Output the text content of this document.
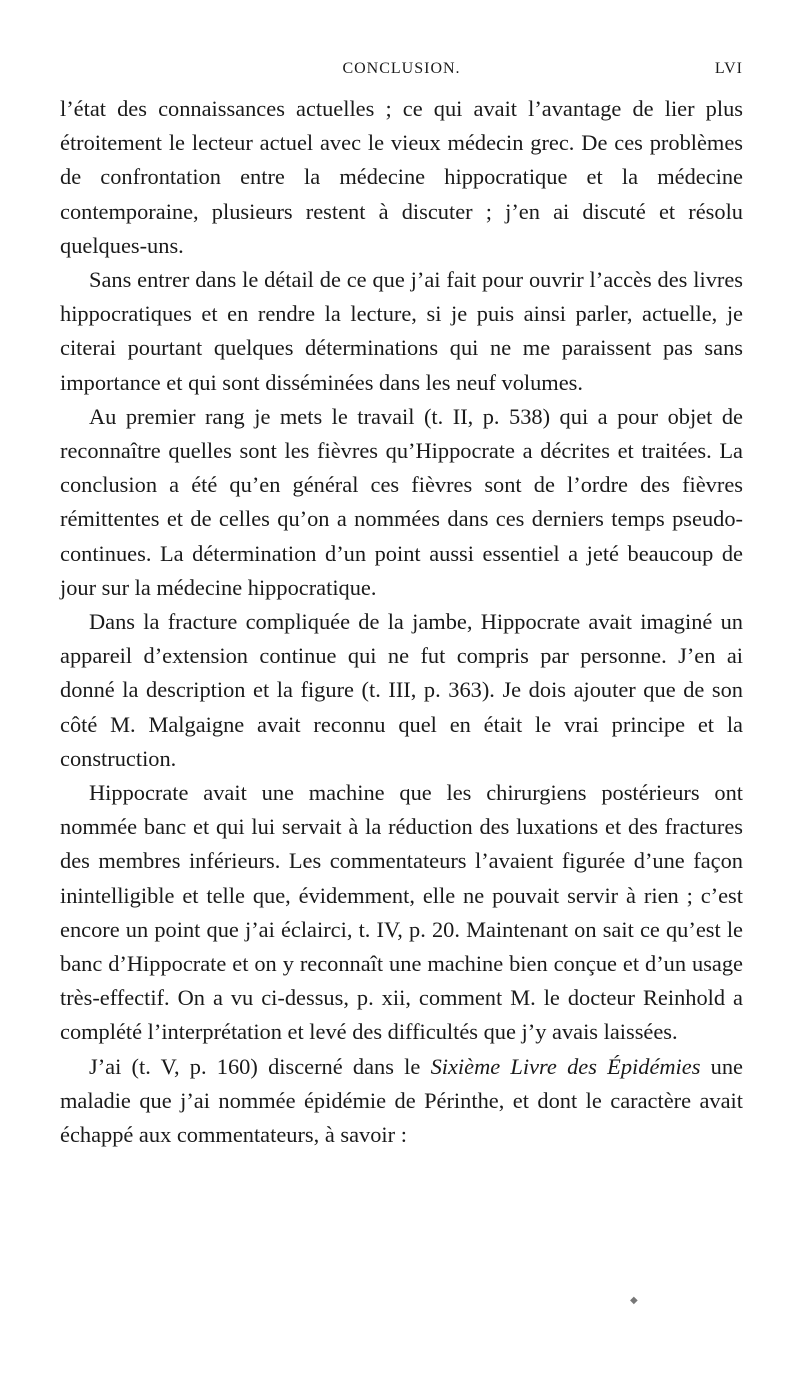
CONCLUSION.	LVI

l’état des connaissances actuelles ; ce qui avait l’avantage de lier plus étroitement le lecteur actuel avec le vieux médecin grec. De ces problèmes de confrontation entre la médecine hippocratique et la médecine contemporaine, plusieurs restent à discuter ; j’en ai discuté et résolu quelques-uns.

Sans entrer dans le détail de ce que j’ai fait pour ouvrir l’accès des livres hippocratiques et en rendre la lecture, si je puis ainsi parler, actuelle, je citerai pourtant quelques déterminations qui ne me paraissent pas sans importance et qui sont disséminées dans les neuf volumes.

Au premier rang je mets le travail (t. II, p. 538) qui a pour objet de reconnaître quelles sont les fièvres qu’Hippocrate a décrites et traitées. La conclusion a été qu’en général ces fièvres sont de l’ordre des fièvres rémittentes et de celles qu’on a nommées dans ces derniers temps pseudo-continues. La détermination d’un point aussi essentiel a jeté beaucoup de jour sur la médecine hippocratique.

Dans la fracture compliquée de la jambe, Hippocrate avait imaginé un appareil d’extension continue qui ne fut compris par personne. J’en ai donné la description et la figure (t. III, p. 363). Je dois ajouter que de son côté M. Malgaigne avait reconnu quel en était le vrai principe et la construction.

Hippocrate avait une machine que les chirurgiens postérieurs ont nommée banc et qui lui servait à la réduction des luxations et des fractures des membres inférieurs. Les commentateurs l’avaient figurée d’une façon inintelligible et telle que, évidemment, elle ne pouvait servir à rien ; c’est encore un point que j’ai éclairci, t. IV, p. 20. Maintenant on sait ce qu’est le banc d’Hippocrate et on y reconnaît une machine bien conçue et d’un usage très-effectif. On a vu ci-dessus, p. xii, comment M. le docteur Reinhold a complété l’interprétation et levé des difficultés que j’y avais laissées.

J’ai (t. V, p. 160) discerné dans le Sixième Livre des Épidémies une maladie que j’ai nommée épidémie de Périnthe, et dont le caractère avait échappé aux commentateurs, à savoir :

◆
